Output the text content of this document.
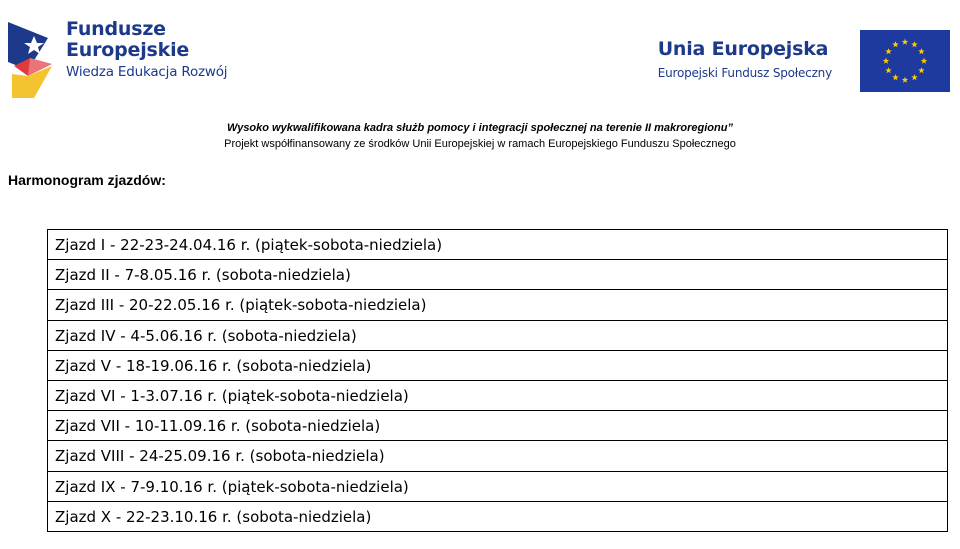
Fundusze
Europejskie
Wiedza Edukacja Rozwój
Unia Europejska
Europejski Fundusz Społeczny
Wysoko wykwalifikowana kadra służb pomocy i integracji społecznej na terenie II makroregionu”
Projekt współfinansowany ze środków Unii Europejskiej w ramach Europejskiego Funduszu Społecznego
Harmonogram zjazdów:
Zjazd I - 22-23-24.04.16 r. (piątek-sobota-niedziela)
Zjazd II - 7-8.05.16 r. (sobota-niedziela)
Zjazd III - 20-22.05.16 r. (piątek-sobota-niedziela)
Zjazd IV - 4-5.06.16 r. (sobota-niedziela)
Zjazd V - 18-19.06.16 r. (sobota-niedziela)
Zjazd VI - 1-3.07.16 r. (piątek-sobota-niedziela)
Zjazd VII - 10-11.09.16 r. (sobota-niedziela)
Zjazd VIII - 24-25.09.16 r. (sobota-niedziela)
Zjazd IX - 7-9.10.16 r. (piątek-sobota-niedziela)
Zjazd X - 22-23.10.16 r. (sobota-niedziela)
